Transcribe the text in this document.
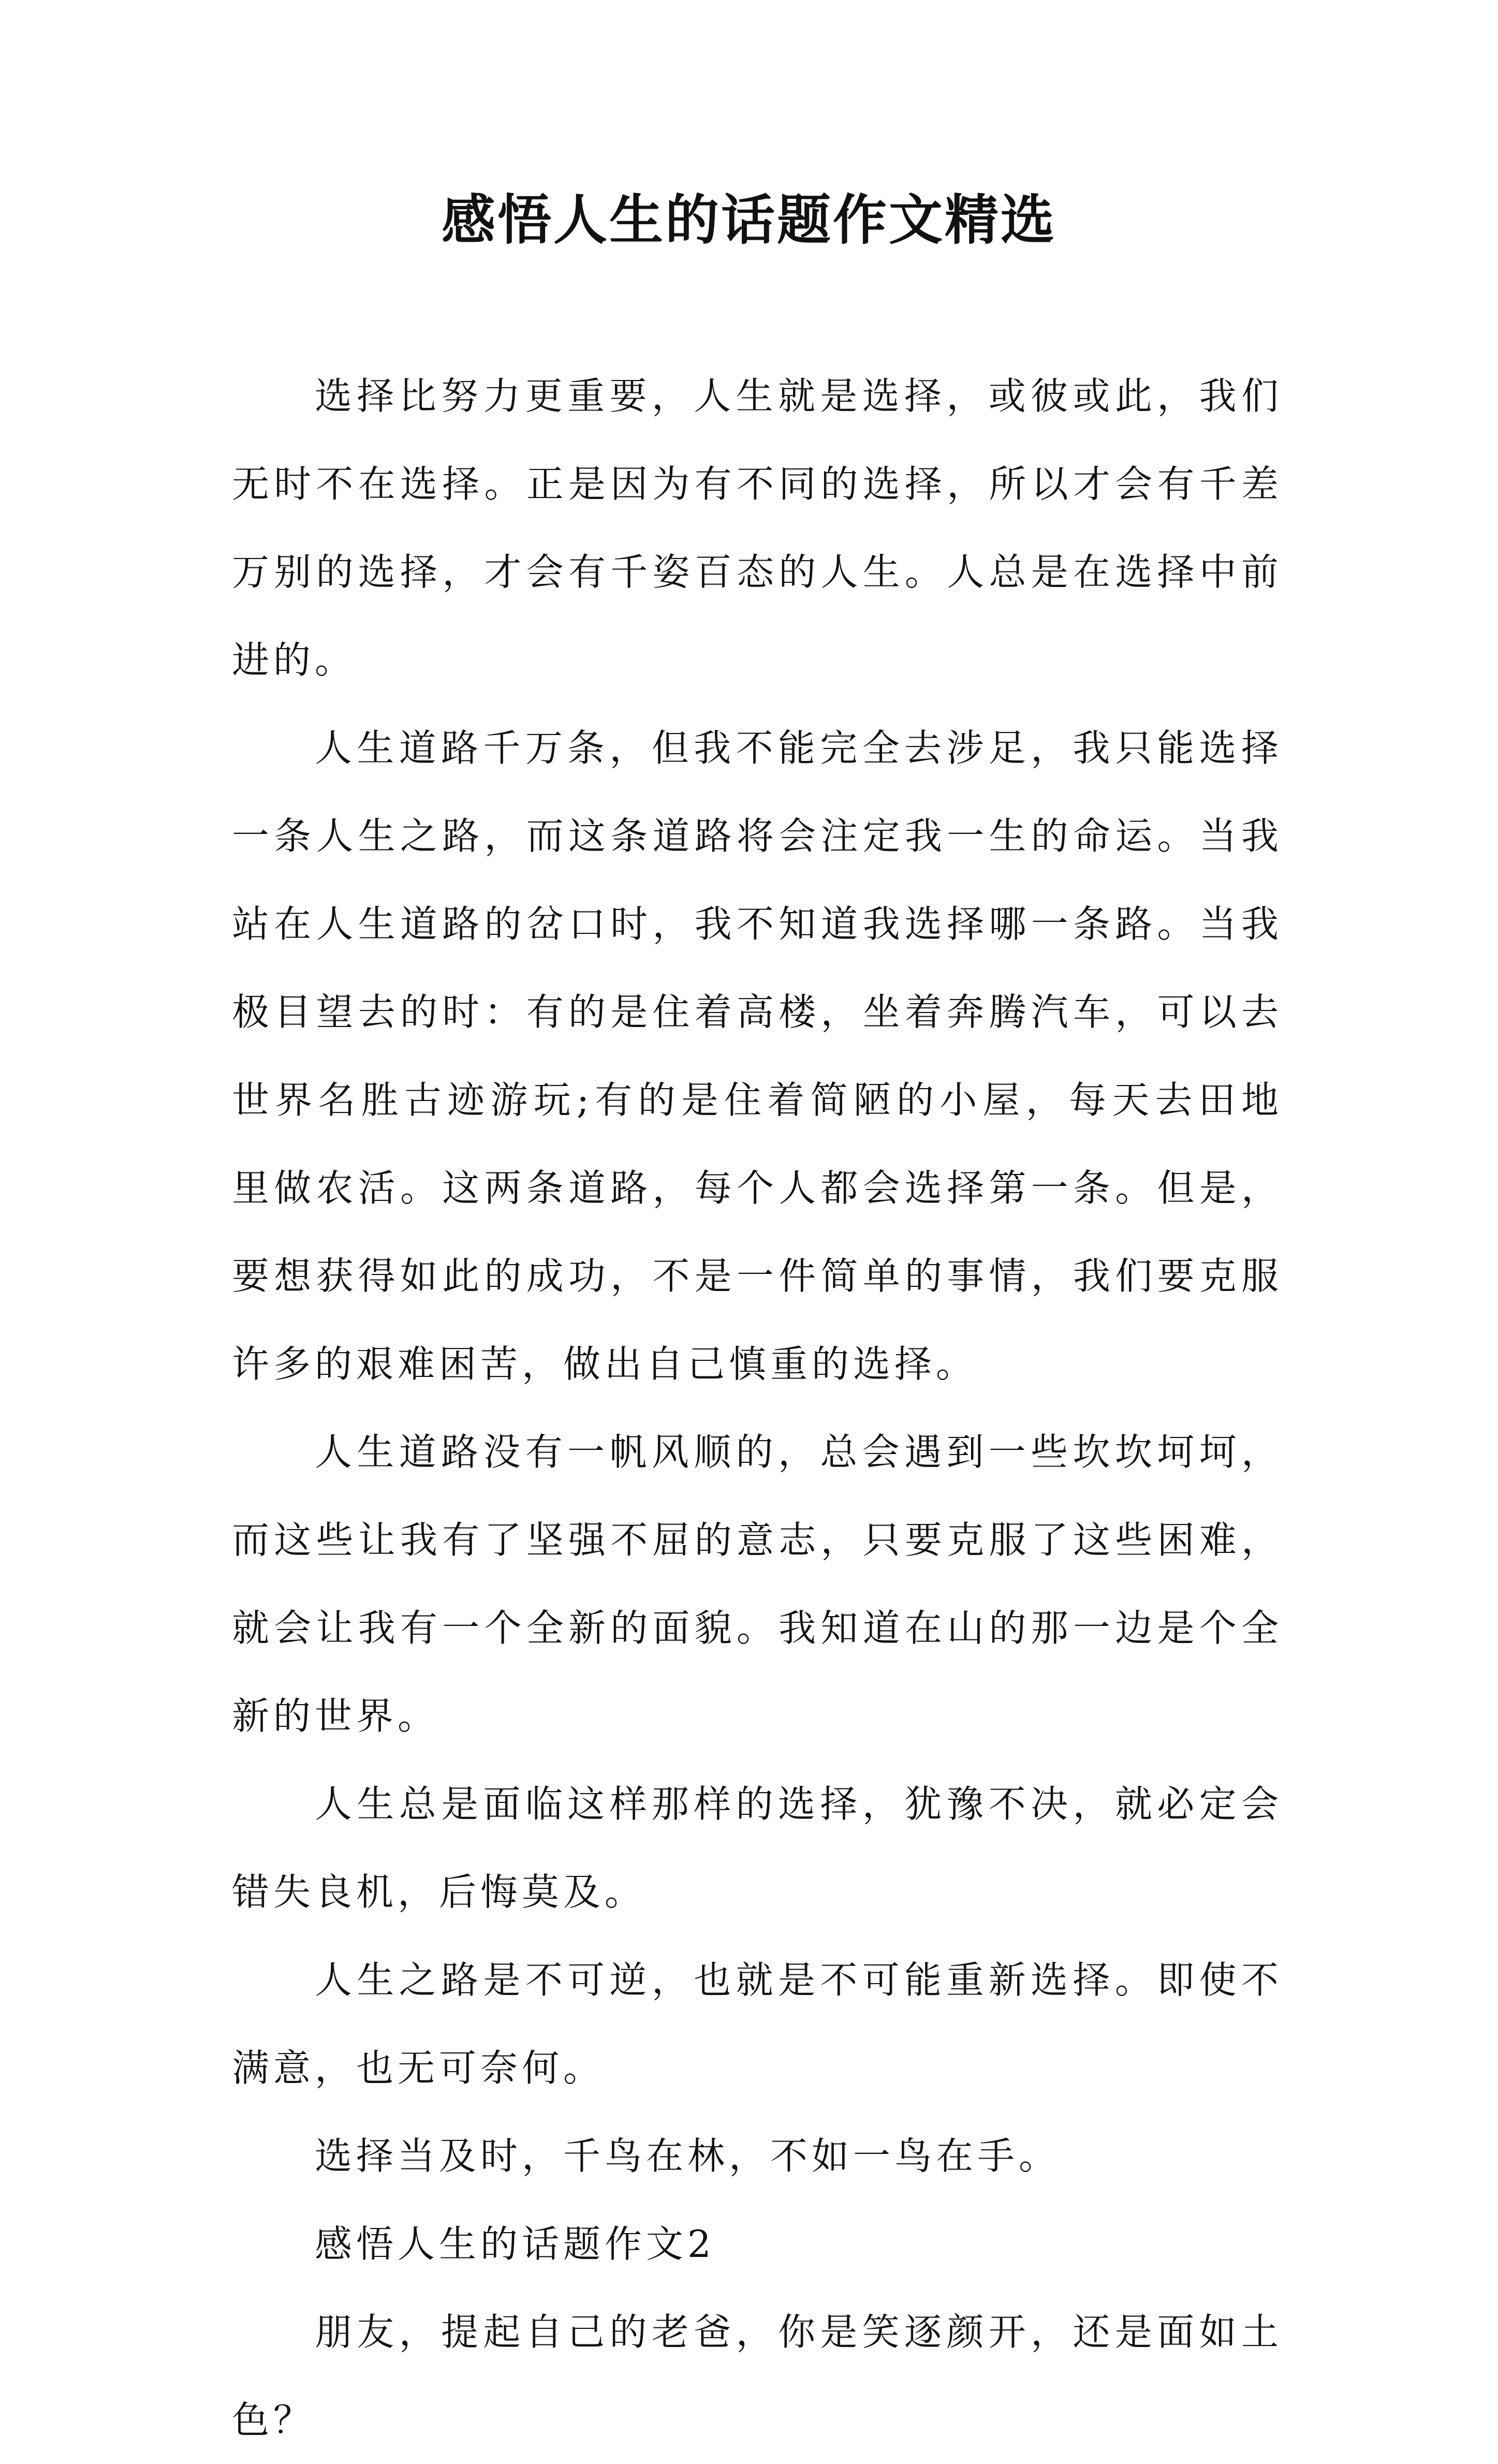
感悟人生的话题作文精选

选择比努力更重要，人生就是选择，或彼或此，我们无时不在选择。正是因为有不同的选择，所以才会有千差万别的选择，才会有千姿百态的人生。人总是在选择中前进的。

人生道路千万条，但我不能完全去涉足，我只能选择一条人生之路，而这条道路将会注定我一生的命运。当我站在人生道路的岔口时，我不知道我选择哪一条路。当我极目望去的时：有的是住着高楼，坐着奔腾汽车，可以去世界名胜古迹游玩;有的是住着简陋的小屋，每天去田地里做农活。这两条道路，每个人都会选择第一条。但是，要想获得如此的成功，不是一件简单的事情，我们要克服许多的艰难困苦，做出自己慎重的选择。

人生道路没有一帆风顺的，总会遇到一些坎坎坷坷，而这些让我有了坚强不屈的意志，只要克服了这些困难，就会让我有一个全新的面貌。我知道在山的那一边是个全新的世界。

人生总是面临这样那样的选择，犹豫不决，就必定会错失良机，后悔莫及。

人生之路是不可逆，也就是不可能重新选择。即使不满意，也无可奈何。

选择当及时，千鸟在林，不如一鸟在手。

感悟人生的话题作文2

朋友，提起自己的老爸，你是笑逐颜开，还是面如土色？
